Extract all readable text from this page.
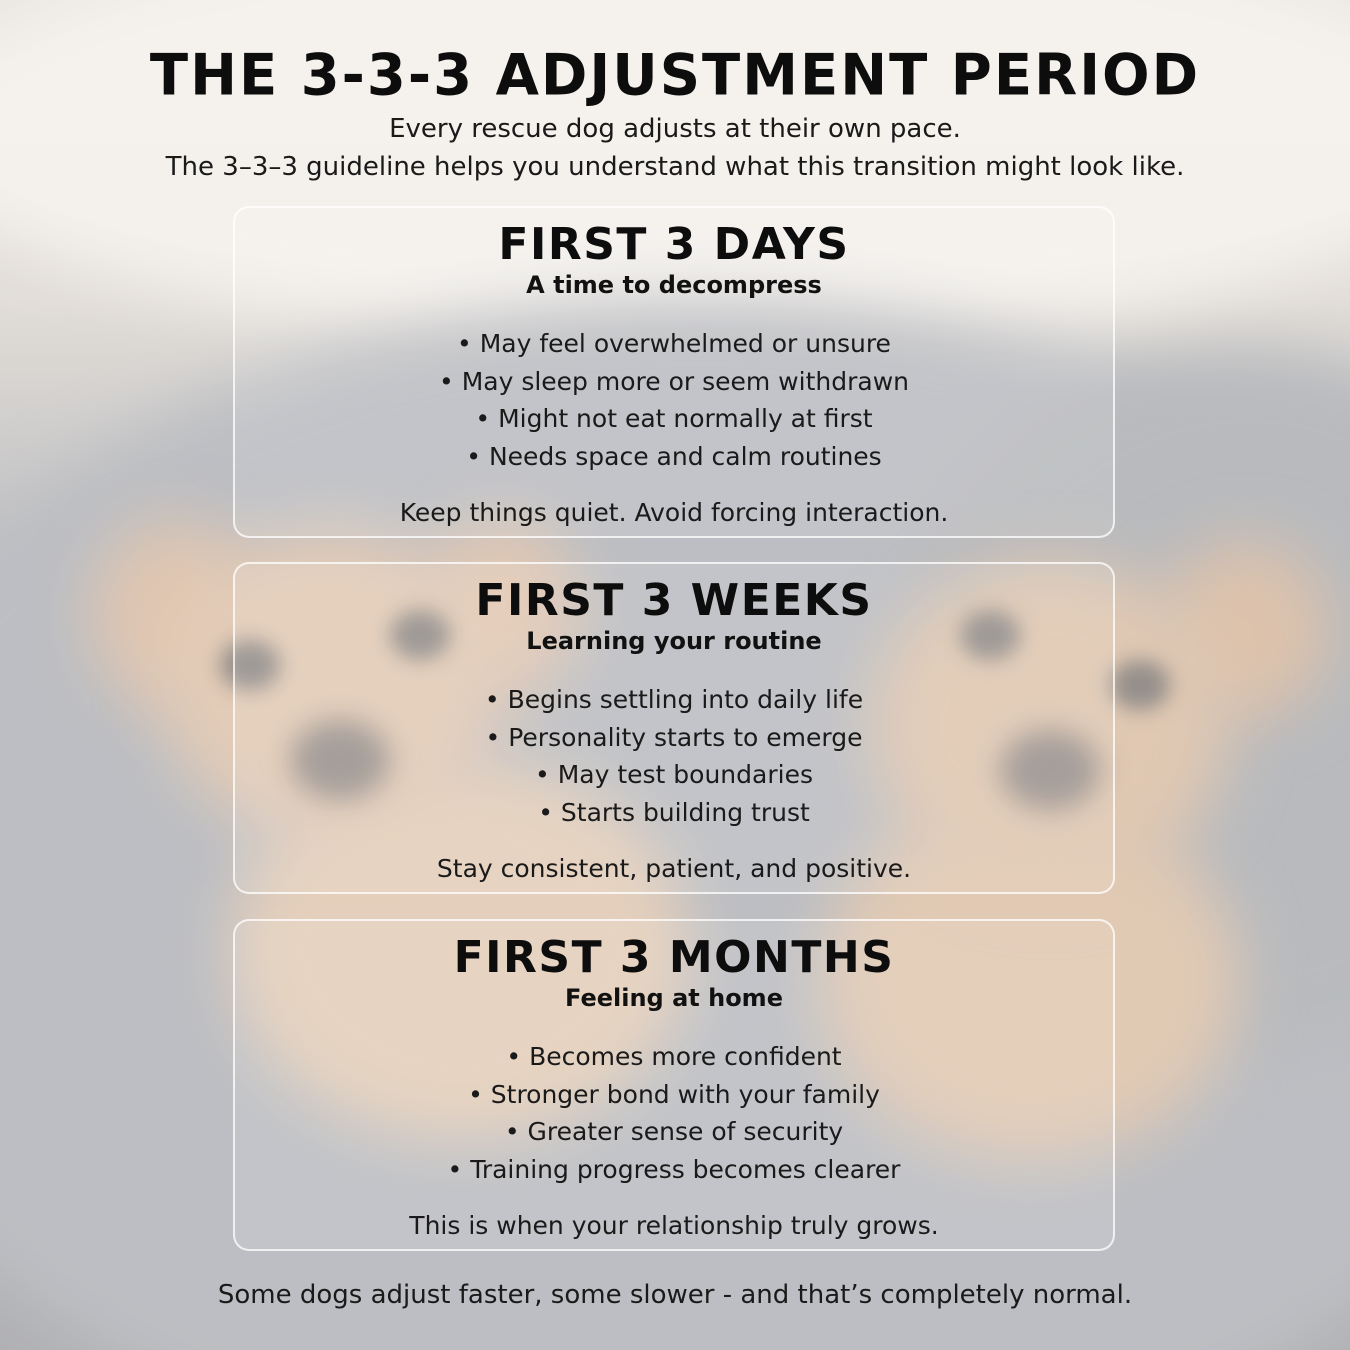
THE 3-3-3 ADJUSTMENT PERIOD
Every rescue dog adjusts at their own pace.
The 3–3–3 guideline helps you understand what this transition might look like.
FIRST 3 DAYS
A time to decompress
• May feel overwhelmed or unsure
• May sleep more or seem withdrawn
• Might not eat normally at first
• Needs space and calm routines
Keep things quiet. Avoid forcing interaction.
FIRST 3 WEEKS
Learning your routine
• Begins settling into daily life
• Personality starts to emerge
• May test boundaries
• Starts building trust
Stay consistent, patient, and positive.
FIRST 3 MONTHS
Feeling at home
• Becomes more confident
• Stronger bond with your family
• Greater sense of security
• Training progress becomes clearer
This is when your relationship truly grows.
Some dogs adjust faster, some slower - and that’s completely normal.
